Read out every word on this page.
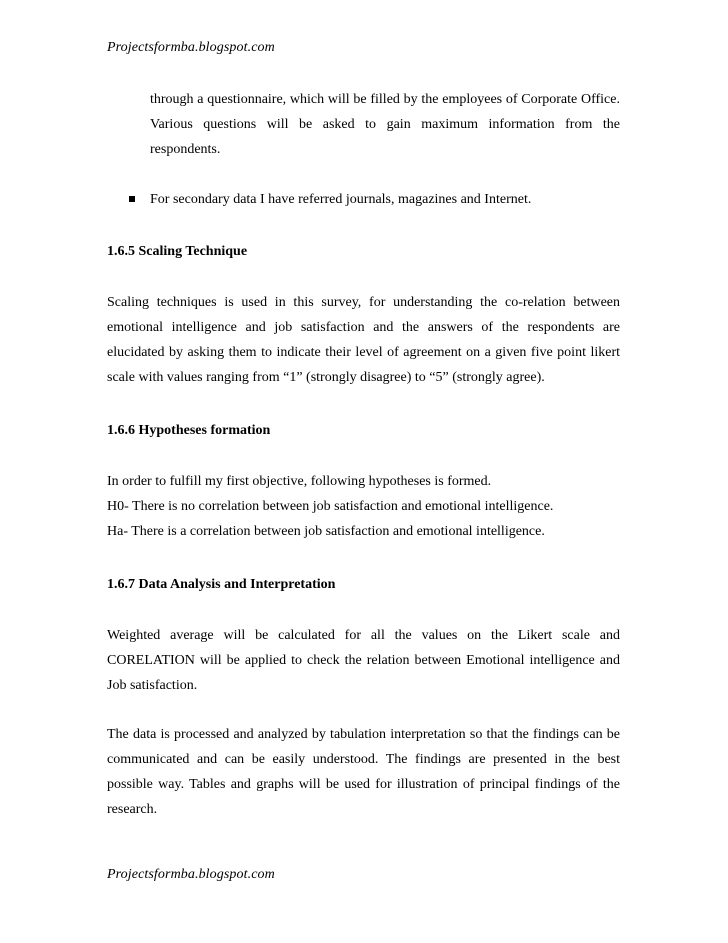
Projectsformba.blogspot.com

through a questionnaire, which will be filled by the employees of Corporate Office. Various questions will be asked to gain maximum information from the respondents.

For secondary data I have referred journals, magazines and Internet.
1.6.5 Scaling Technique

Scaling techniques is used in this survey, for understanding the co-relation between emotional intelligence and job satisfaction and the answers of the respondents are elucidated by asking them to indicate their level of agreement on a given five point likert scale with values ranging from “1” (strongly disagree) to “5” (strongly agree).

1.6.6 Hypotheses formation

In order to fulfill my first objective, following hypotheses is formed.

H0- There is no correlation between job satisfaction and emotional intelligence.

Ha- There is a correlation between job satisfaction and emotional intelligence.

1.6.7 Data Analysis and Interpretation

Weighted average will be calculated for all the values on the Likert scale and CORELATION will be applied to check the relation between Emotional intelligence and Job satisfaction.

The data is processed and analyzed by tabulation interpretation so that the findings can be communicated and can be easily understood. The findings are presented in the best possible way. Tables and graphs will be used for illustration of principal findings of the research.

Projectsformba.blogspot.com
